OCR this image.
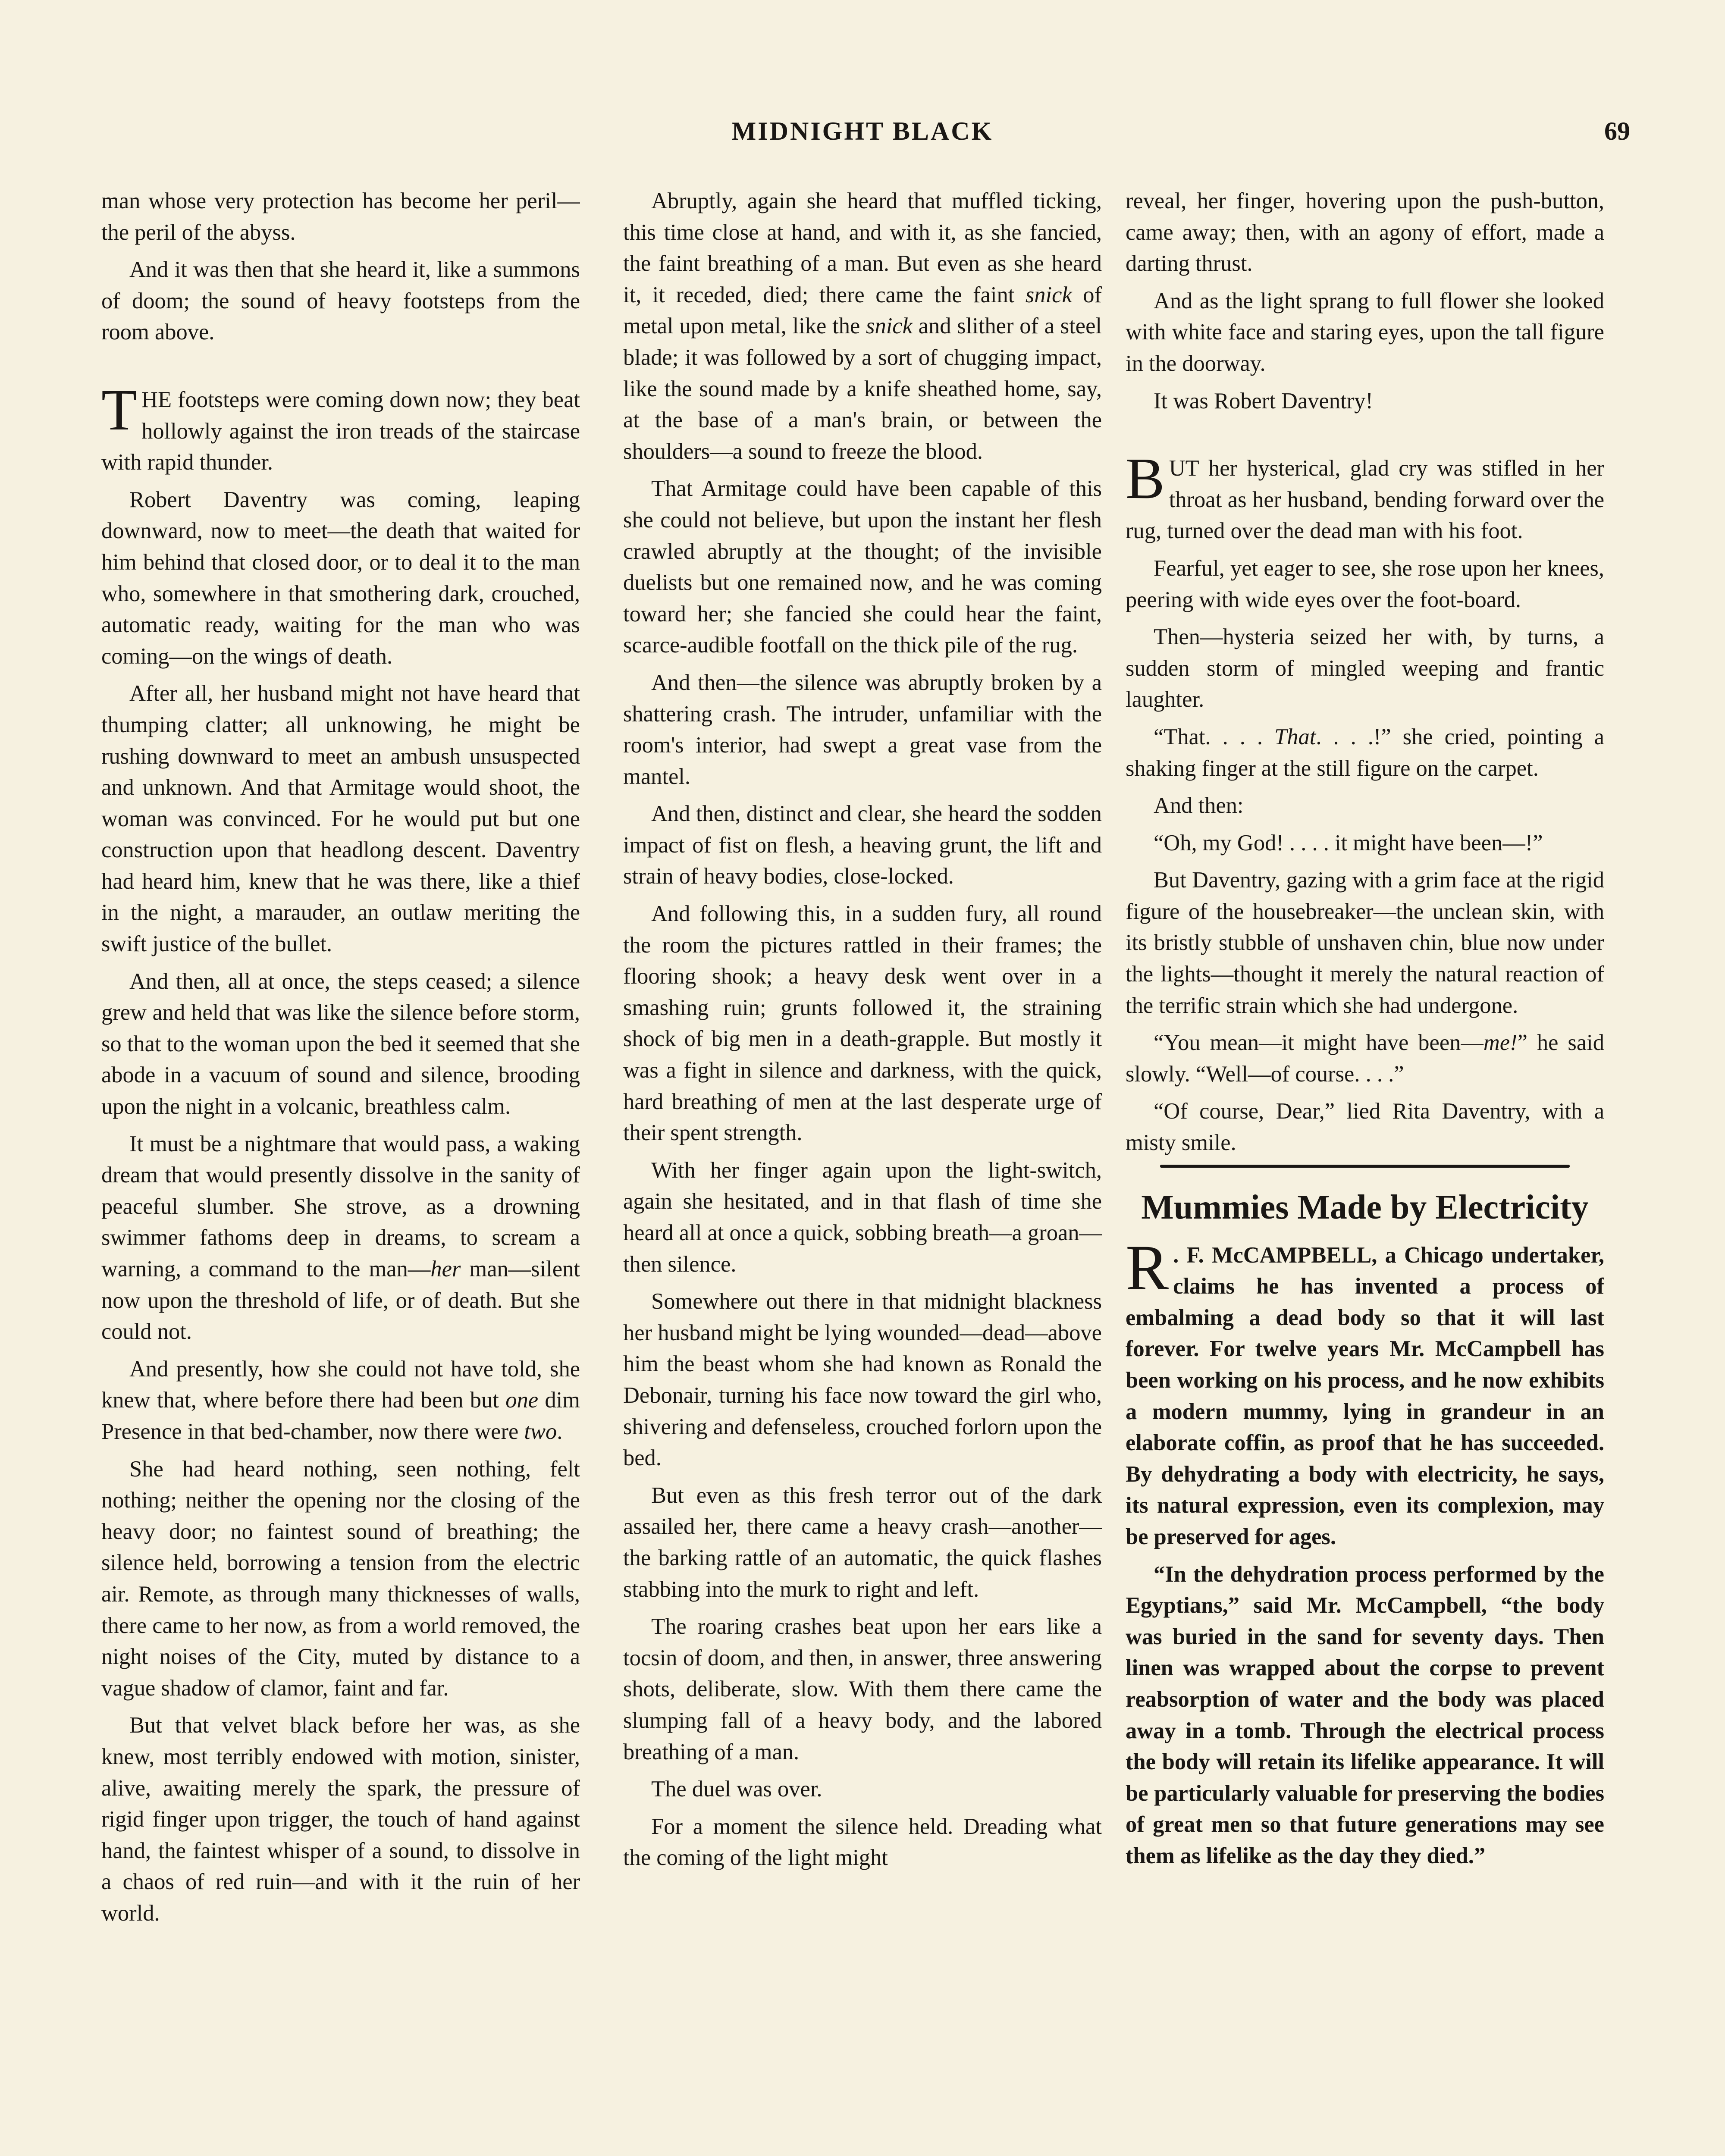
MIDNIGHT BLACK	69

man whose very protection has become her peril—the peril of the abyss.

And it was then that she heard it, like a summons of doom; the sound of heavy footsteps from the room above.

THE footsteps were coming down now; they beat hollowly against the iron treads of the staircase with rapid thunder.

Robert Daventry was coming, leaping downward, now to meet—the death that waited for him behind that closed door, or to deal it to the man who, somewhere in that smothering dark, crouched, automatic ready, waiting for the man who was coming—on the wings of death.

After all, her husband might not have heard that thumping clatter; all unknowing, he might be rushing downward to meet an ambush unsuspected and unknown. And that Armitage would shoot, the woman was convinced. For he would put but one construction upon that headlong descent. Daventry had heard him, knew that he was there, like a thief in the night, a marauder, an outlaw meriting the swift justice of the bullet.

And then, all at once, the steps ceased; a silence grew and held that was like the silence before storm, so that to the woman upon the bed it seemed that she abode in a vacuum of sound and silence, brooding upon the night in a volcanic, breathless calm.

It must be a nightmare that would pass, a waking dream that would presently dissolve in the sanity of peaceful slumber. She strove, as a drowning swimmer fathoms deep in dreams, to scream a warning, a command to the man—her man—silent now upon the threshold of life, or of death. But she could not.

And presently, how she could not have told, she knew that, where before there had been but one dim Presence in that bed-chamber, now there were two.

She had heard nothing, seen nothing, felt nothing; neither the opening nor the closing of the heavy door; no faintest sound of breathing; the silence held, borrowing a tension from the electric air. Remote, as through many thicknesses of walls, there came to her now, as from a world removed, the night noises of the City, muted by distance to a vague shadow of clamor, faint and far.

But that velvet black before her was, as she knew, most terribly endowed with motion, sinister, alive, awaiting merely the spark, the pressure of rigid finger upon trigger, the touch of hand against hand, the faintest whisper of a sound, to dissolve in a chaos of red ruin—and with it the ruin of her world.

Abruptly, again she heard that muffled ticking, this time close at hand, and with it, as she fancied, the faint breathing of a man. But even as she heard it, it receded, died; there came the faint snick of metal upon metal, like the snick and slither of a steel blade; it was followed by a sort of chugging impact, like the sound made by a knife sheathed home, say, at the base of a man's brain, or between the shoulders—a sound to freeze the blood.

That Armitage could have been capable of this she could not believe, but upon the instant her flesh crawled abruptly at the thought; of the invisible duelists but one remained now, and he was coming toward her; she fancied she could hear the faint, scarce-audible footfall on the thick pile of the rug.

And then—the silence was abruptly broken by a shattering crash. The intruder, unfamiliar with the room's interior, had swept a great vase from the mantel.

And then, distinct and clear, she heard the sodden impact of fist on flesh, a heaving grunt, the lift and strain of heavy bodies, close-locked.

And following this, in a sudden fury, all round the room the pictures rattled in their frames; the flooring shook; a heavy desk went over in a smashing ruin; grunts followed it, the straining shock of big men in a death-grapple. But mostly it was a fight in silence and darkness, with the quick, hard breathing of men at the last desperate urge of their spent strength.

With her finger again upon the light-switch, again she hesitated, and in that flash of time she heard all at once a quick, sobbing breath—a groan—then silence.

Somewhere out there in that midnight blackness her husband might be lying wounded—dead—above him the beast whom she had known as Ronald the Debonair, turning his face now toward the girl who, shivering and defenseless, crouched forlorn upon the bed.

But even as this fresh terror out of the dark assailed her, there came a heavy crash—another—the barking rattle of an automatic, the quick flashes stabbing into the murk to right and left.

The roaring crashes beat upon her ears like a tocsin of doom, and then, in answer, three answering shots, deliberate, slow. With them there came the slumping fall of a heavy body, and the labored breathing of a man.

The duel was over.

For a moment the silence held. Dreading what the coming of the light might

reveal, her finger, hovering upon the push-button, came away; then, with an agony of effort, made a darting thrust.

And as the light sprang to full flower she looked with white face and staring eyes, upon the tall figure in the doorway.

It was Robert Daventry!

BUT her hysterical, glad cry was stifled in her throat as her husband, bending forward over the rug, turned over the dead man with his foot.

Fearful, yet eager to see, she rose upon her knees, peering with wide eyes over the foot-board.

Then—hysteria seized her with, by turns, a sudden storm of mingled weeping and frantic laughter.

“That. . . . That. . . .!” she cried, pointing a shaking finger at the still figure on the carpet.

And then:

“Oh, my God! . . . . it might have been—!”

But Daventry, gazing with a grim face at the rigid figure of the housebreaker—the unclean skin, with its bristly stubble of unshaven chin, blue now under the lights—thought it merely the natural reaction of the terrific strain which she had undergone.

“You mean—it might have been—me!” he said slowly. “Well—of course. . . .”

“Of course, Dear,” lied Rita Daventry, with a misty smile.

Mummies Made by Electricity

R . F. McCAMPBELL, a Chicago undertaker, claims he has invented a process of embalming a dead body so that it will last forever. For twelve years Mr. McCampbell has been working on his process, and he now exhibits a modern mummy, lying in grandeur in an elaborate coffin, as proof that he has succeeded. By dehydrating a body with electricity, he says, its natural expression, even its complexion, may be preserved for ages.

“In the dehydration process performed by the Egyptians,” said Mr. McCampbell, “the body was buried in the sand for seventy days. Then linen was wrapped about the corpse to prevent reabsorption of water and the body was placed away in a tomb. Through the electrical process the body will retain its lifelike appearance. It will be particularly valuable for preserving the bodies of great men so that future generations may see them as lifelike as the day they died.”
